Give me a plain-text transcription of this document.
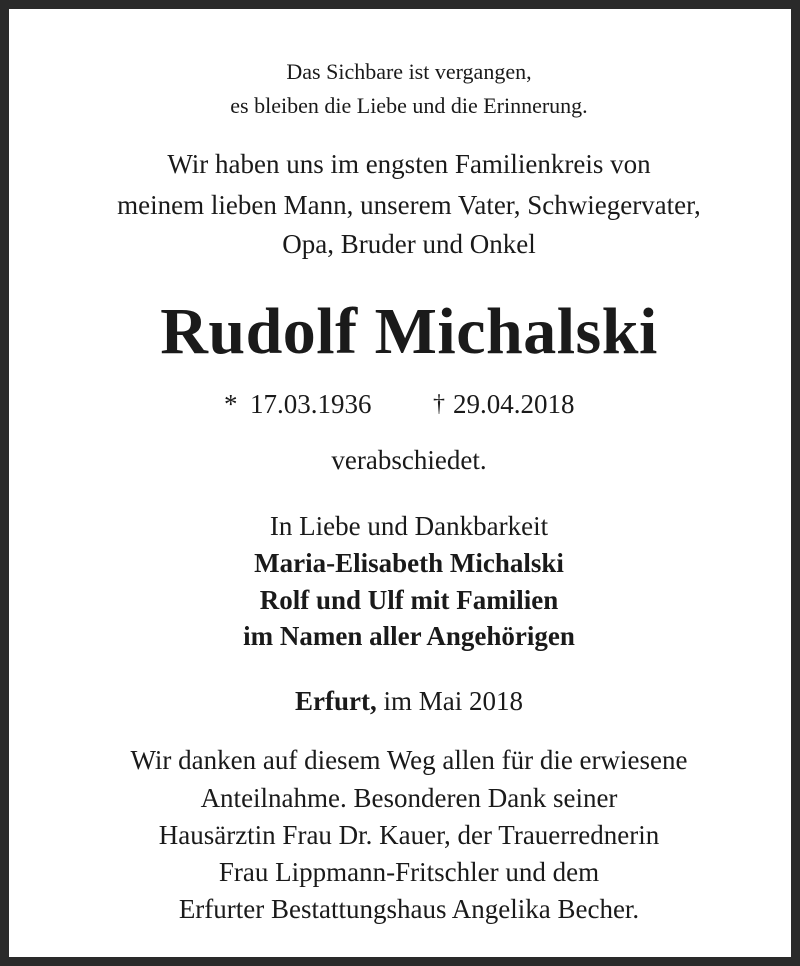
Das Sichbare ist vergangen,
es bleiben die Liebe und die Erinnerung.
Wir haben uns im engsten Familienkreis von
meinem lieben Mann, unserem Vater, Schwiegervater,
Opa, Bruder und Onkel
Rudolf Michalski
* 17.03.1936	† 29.04.2018
verabschiedet.
In Liebe und Dankbarkeit
Maria-Elisabeth Michalski
Rolf und Ulf mit Familien
im Namen aller Angehörigen
Erfurt, im Mai 2018
Wir danken auf diesem Weg allen für die erwiesene
Anteilnahme. Besonderen Dank seiner
Hausärztin Frau Dr. Kauer, der Trauerrednerin
Frau Lippmann-Fritschler und dem
Erfurter Bestattungshaus Angelika Becher.
